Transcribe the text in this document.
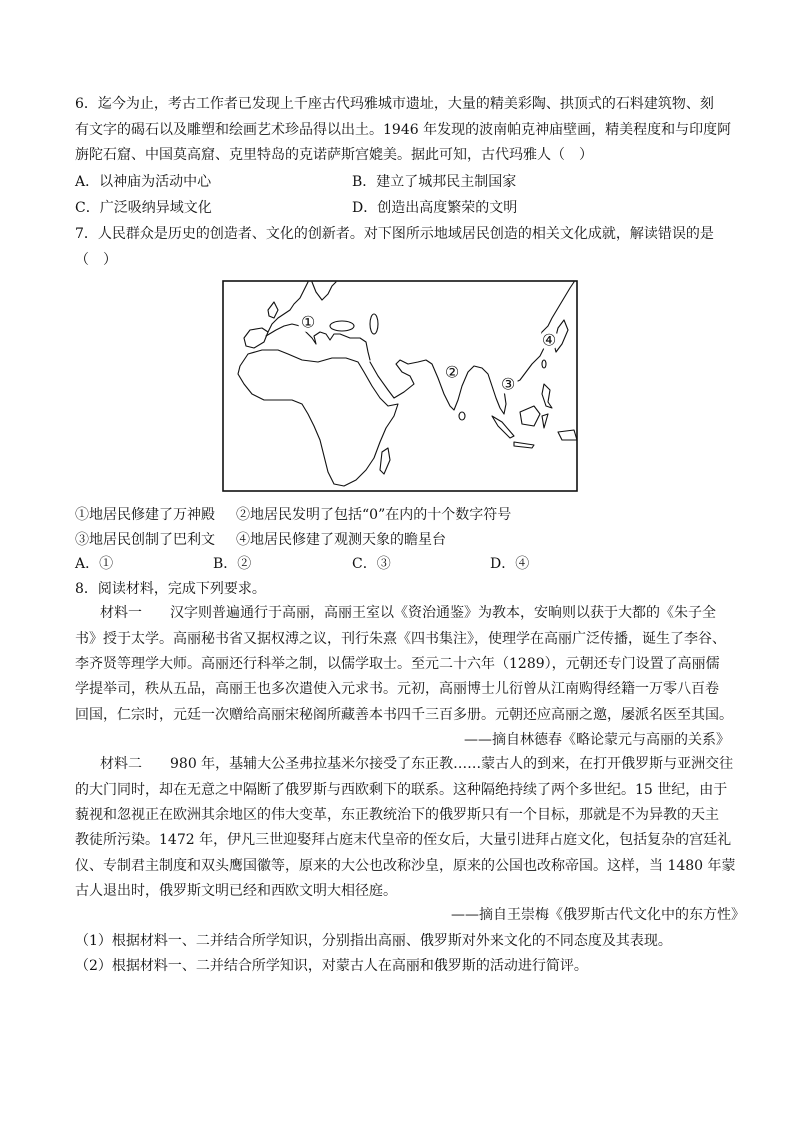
6．迄今为止，考古工作者已发现上千座古代玛雅城市遗址，大量的精美彩陶、拱顶式的石料建筑物、刻
有文字的碣石以及雕塑和绘画艺术珍品得以出土。1946 年发现的波南帕克神庙壁画，精美程度和与印度阿
旃陀石窟、中国莫高窟、克里特岛的克诺萨斯宫媲美。据此可知，古代玛雅人（　）
A．以神庙为活动中心	B．建立了城邦民主制国家
C．广泛吸纳异域文化	D．创造出高度繁荣的文明
7．人民群众是历史的创造者、文化的创新者。对下图所示地域居民创造的相关文化成就，解读错误的是
（　）
①
②
③
④
①地居民修建了万神殿 ②地居民发明了包括“0”在内的十个数字符号
③地居民创制了巴利文 ④地居民修建了观测天象的瞻星台
A．①	B．②	C．③	D．④
8．阅读材料，完成下列要求。
材料一　　汉字则普遍通行于高丽，高丽王室以《资治通鉴》为教本，安晌则以获于大都的《朱子全
书》授于太学。高丽秘书省又据权溥之议，刊行朱熹《四书集注》，使理学在高丽广泛传播，诞生了李谷、
李齐贤等理学大师。高丽还行科举之制，以儒学取士。至元二十六年（1289），元朝还专门设置了高丽儒
学提举司，秩从五品，高丽王也多次遣使入元求书。元初，高丽博士儿衍曾从江南购得经籍一万零八百卷
回国，仁宗时，元廷一次赠给高丽宋秘阁所藏善本书四千三百多册。元朝还应高丽之邀，屡派名医至其国。
——摘自林德春《略论蒙元与高丽的关系》
材料二　　980 年，基辅大公圣弗拉基米尔接受了东正教……蒙古人的到来，在打开俄罗斯与亚洲交往
的大门同时，却在无意之中隔断了俄罗斯与西欧剩下的联系。这种隔绝持续了两个多世纪。15 世纪，由于
藐视和忽视正在欧洲其余地区的伟大变革，东正教统治下的俄罗斯只有一个目标，那就是不为异教的天主
教徒所污染。1472 年，伊凡三世迎娶拜占庭末代皇帝的侄女后，大量引进拜占庭文化，包括复杂的宫廷礼
仪、专制君主制度和双头鹰国徽等，原来的大公也改称沙皇，原来的公国也改称帝国。这样，当 1480 年蒙
古人退出时，俄罗斯文明已经和西欧文明大相径庭。
——摘自王崇梅《俄罗斯古代文化中的东方性》
（1）根据材料一、二并结合所学知识，分别指出高丽、俄罗斯对外来文化的不同态度及其表现。
（2）根据材料一、二并结合所学知识，对蒙古人在高丽和俄罗斯的活动进行简评。
